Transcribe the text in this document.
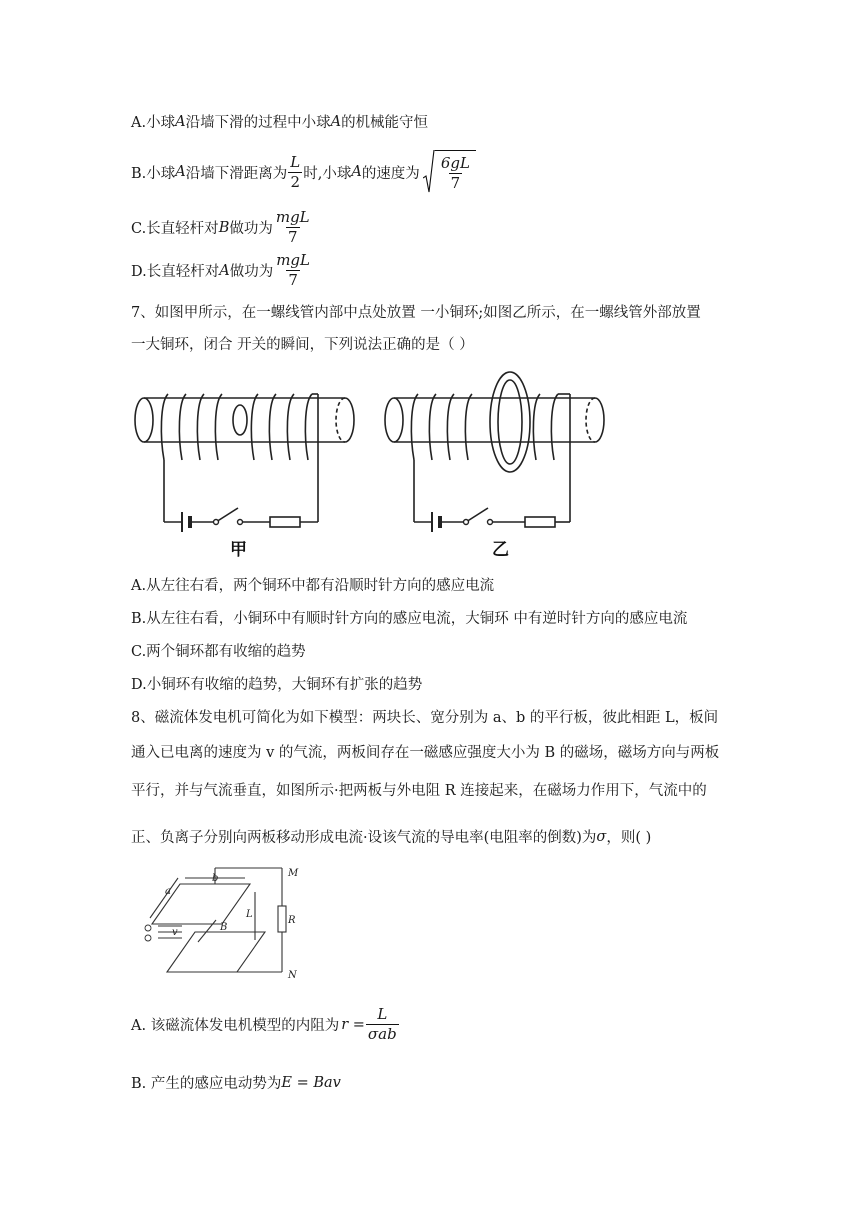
A.小球 A 沿墙下滑的过程中小球 A 的机械能守恒
B.小球 A 沿墙下滑距离为 $\frac{L}{2}$ 时,小球 A 的速度为 $\frac{6gL}{7}$
C.长直轻杆对 B 做功为 $\frac{\text{mgL}}{7}$
D.长直轻杆对 A 做功为 $\frac{\text{mgL}}{7}$
7、如图甲所示，在一螺线管内部中点处放置 一小铜环;如图乙所示，在一螺线管外部放置
一大铜环，闭合 开关的瞬间，下列说法正确的是（ ）
甲	乙
A.从左往右看，两个铜环中都有沿顺时针方向的感应电流
B.从左往右看，小铜环中有顺时针方向的感应电流，大铜环 中有逆时针方向的感应电流
C.两个铜环都有收缩的趋势
D.小铜环有收缩的趋势，大铜环有扩张的趋势
8、磁流体发电机可简化为如下模型：两块长、宽分别为 a、b 的平行板，彼此相距 L，板间
通入已电离的速度为 v 的气流，两板间存在一磁感应强度大小为 B 的磁场，磁场方向与两板
平行，并与气流垂直，如图所示·把两板与外电阻 R 连接起来，在磁场力作用下，气流中的
正、负离子分别向两板移动形成电流·设该气流的导电率(电阻率的倒数)为 σ ，则( )
M
R
N
L
a
b
B
v
A. 该磁流体发电机模型的内阻为 $r = \frac{L}{\text{σab}}$
B. 产生的感应电动势为 E = Bav
